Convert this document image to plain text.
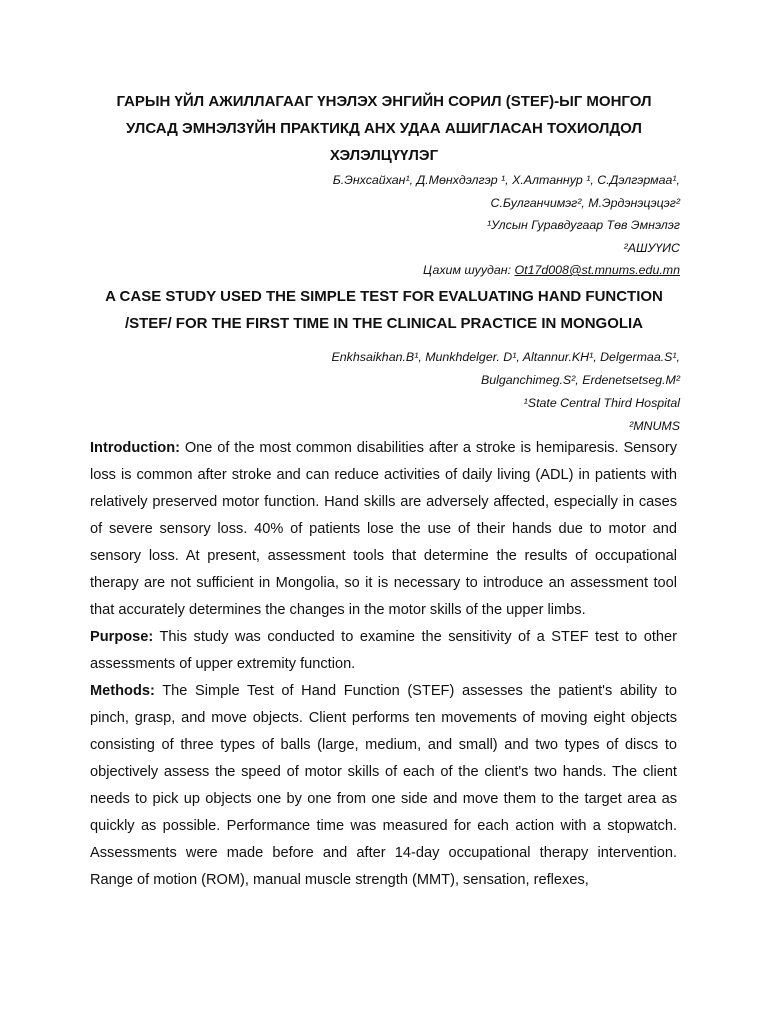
ГАРЫН ҮЙЛ АЖИЛЛАГААГ ҮНЭЛЭХ ЭНГИЙН СОРИЛ (STEF)-ЫГ МОНГОЛ
УЛСАД ЭМНЭЛЗҮЙН ПРАКТИКД АНХ УДАА АШИГЛАСАН ТОХИОЛДОЛ
ХЭЛЭЛЦҮҮЛЭГ
Б.Энхсайхан¹, Д.Мөнхдэлгэр ¹, Х.Алтаннур ¹, С.Дэлгэрмаа¹,
С.Булганчимэг², М.Эрдэнэцэцэг²
¹Улсын Гуравдугаар Төв Эмнэлэг
²АШУҮИС
Цахим шуудан: Ot17d008@st.mnums.edu.mn
A CASE STUDY USED THE SIMPLE TEST FOR EVALUATING HAND FUNCTION
/STEF/ FOR THE FIRST TIME IN THE CLINICAL PRACTICE IN MONGOLIA
Enkhsaikhan.B¹, Munkhdelger. D¹, Altannur.KH¹, Delgermaa.S¹,
Bulganchimeg.S², Erdenetsetseg.M²
¹State Central Third Hospital
²MNUMS

Introduction: One of the most common disabilities after a stroke is hemiparesis. Sensory loss is common after stroke and can reduce activities of daily living (ADL) in patients with relatively preserved motor function. Hand skills are adversely affected, especially in cases of severe sensory loss. 40% of patients lose the use of their hands due to motor and sensory loss. At present, assessment tools that determine the results of occupational therapy are not sufficient in Mongolia, so it is necessary to introduce an assessment tool that accurately determines the changes in the motor skills of the upper limbs.

Purpose: This study was conducted to examine the sensitivity of a STEF test to other assessments of upper extremity function.

Methods: The Simple Test of Hand Function (STEF) assesses the patient's ability to pinch, grasp, and move objects. Client performs ten movements of moving eight objects consisting of three types of balls (large, medium, and small) and two types of discs to objectively assess the speed of motor skills of each of the client's two hands. The client needs to pick up objects one by one from one side and move them to the target area as quickly as possible. Performance time was measured for each action with a stopwatch. Assessments were made before and after 14-day occupational therapy intervention. Range of motion (ROM), manual muscle strength (MMT), sensation, reflexes,
